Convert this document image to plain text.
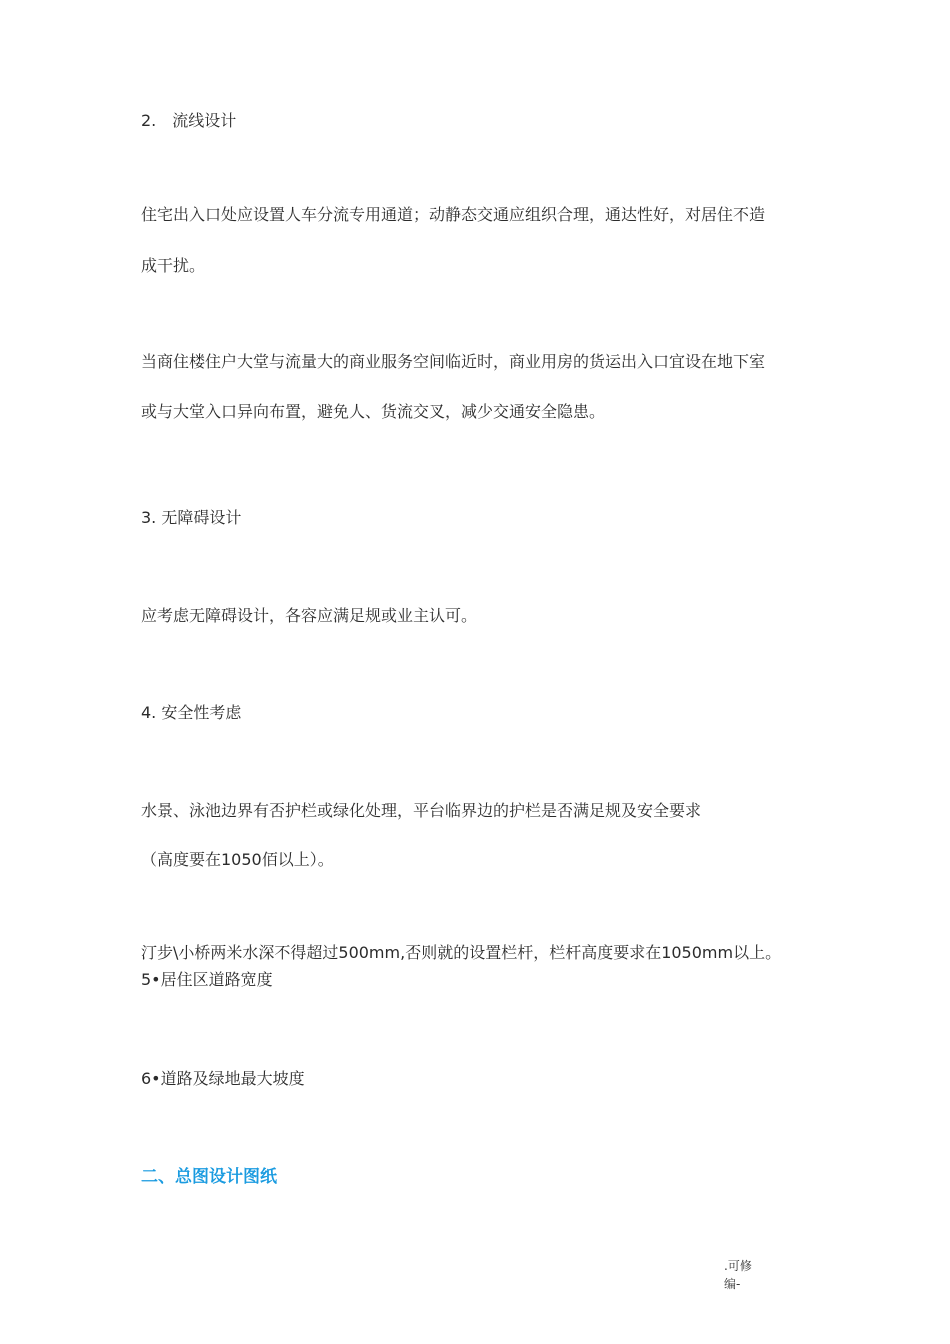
2.　流线设计
住宅出入口处应设置人车分流专用通道；动静态交通应组织合理，通达性好，对居住不造
成干扰。
当商住楼住户大堂与流量大的商业服务空间临近时，商业用房的货运出入口宜设在地下室
或与大堂入口异向布置，避免人、货流交叉，减少交通安全隐患。
3. 无障碍设计
应考虑无障碍设计，各容应满足规或业主认可。
4. 安全性考虑
水景、泳池边界有否护栏或绿化处理，平台临界边的护栏是否满足规及安全要求
（高度要在1050佰以上）。
汀步\小桥两米水深不得超过500mm,否则就的设置栏杆，栏杆高度要求在1050mm以上。
5•居住区道路宽度
6•道路及绿地最大坡度
二、总图设计图纸
.可修
编-
